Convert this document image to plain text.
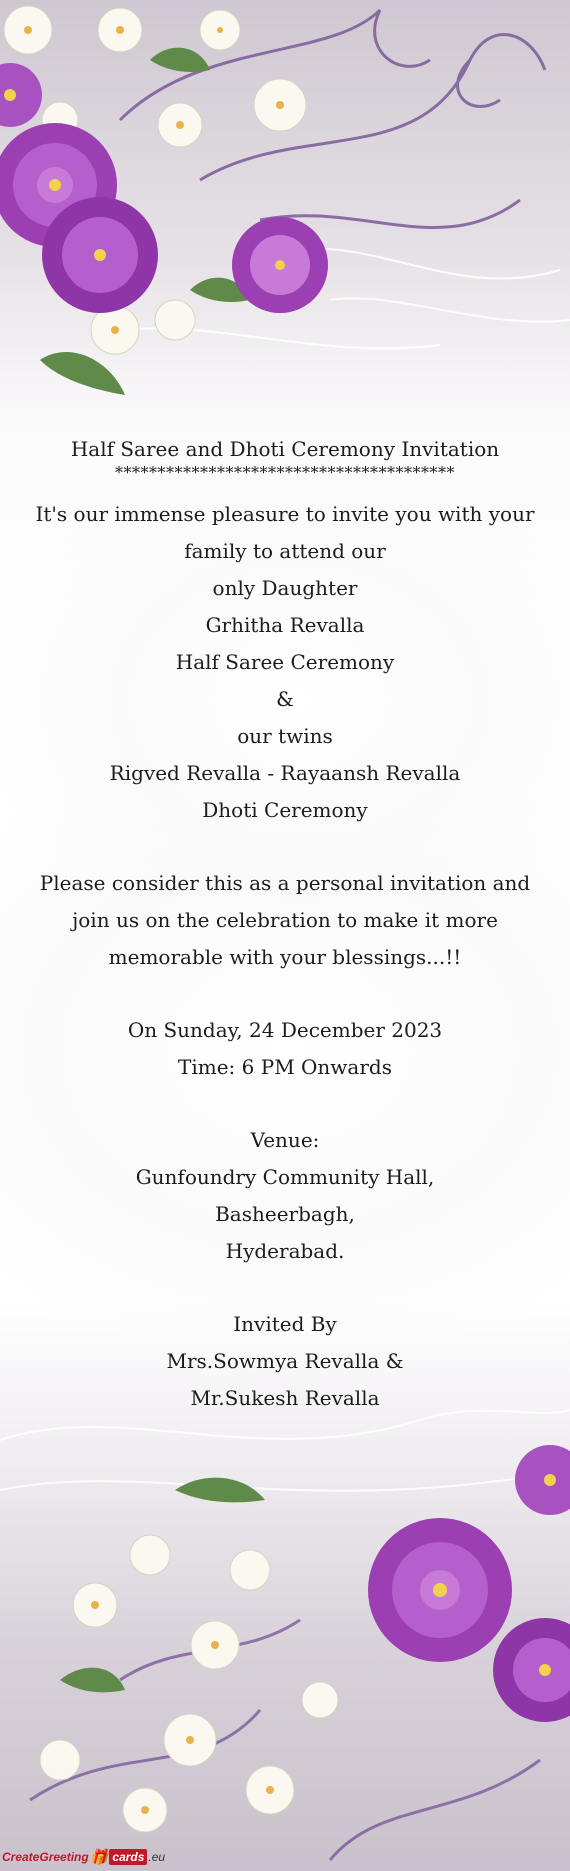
Half Saree and Dhoti Ceremony Invitation

****************************************

It's our immense pleasure to invite you with your

family to attend our

only Daughter

Grhitha Revalla

Half Saree Ceremony

&

our twins

Rigved Revalla - Rayaansh Revalla

Dhoti Ceremony

Please consider this as a personal invitation and join us on the celebration to make it more memorable with your blessings...!!

On Sunday, 24 December 2023

Time: 6 PM Onwards

Venue:

Gunfoundry Community Hall,

Basheerbagh,

Hyderabad.

Invited By

Mrs.Sowmya Revalla &

Mr.Sukesh Revalla

CreateGreeting 🎁 cards .eu
